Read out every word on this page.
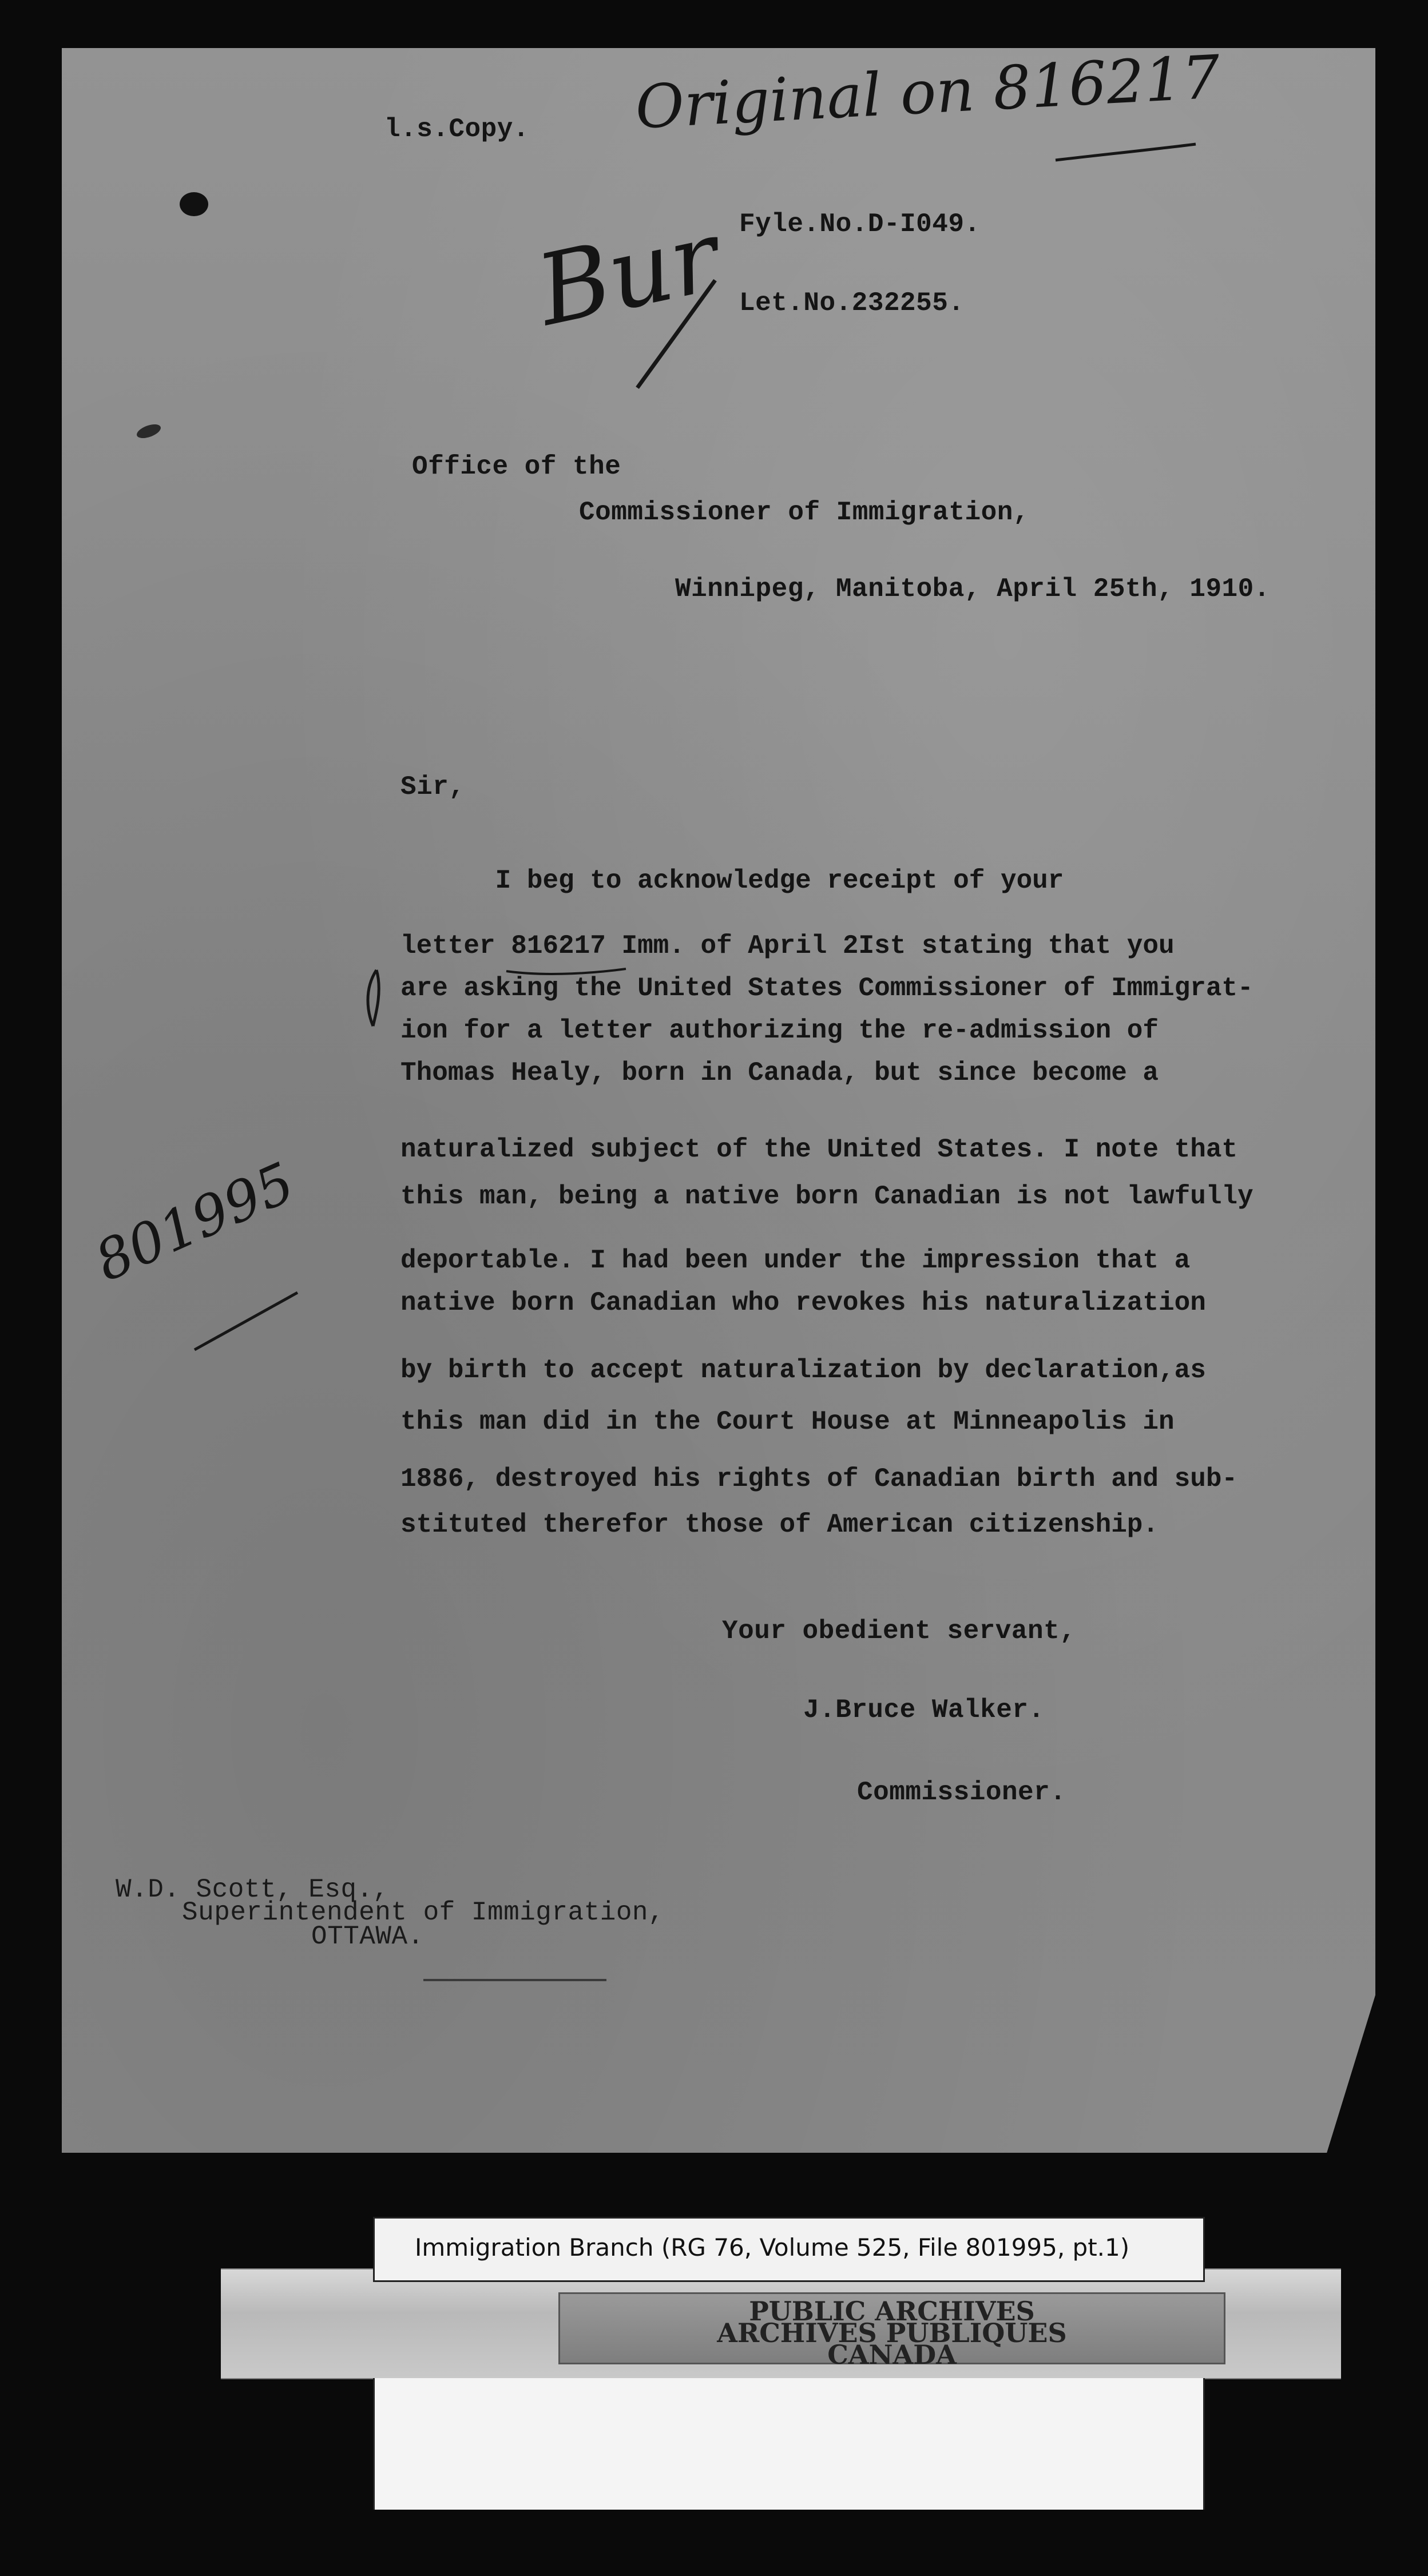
l.s.Copy. Original on 816217
Bur Fyle.No.D-I049.

Let.No.232255.

Office of the

Commissioner of Immigration,

Winnipeg, Manitoba, April 25th, 1910.

Sir,

I beg to acknowledge receipt of your

letter 816217 Imm. of April 2Ist stating that you

are asking the United States Commissioner of Immigrat-

ion for a letter authorizing the re-admission of

Thomas Healy, born in Canada, but since become a

naturalized subject of the United States. I note that

this man, being a native born Canadian is not lawfully

deportable. I had been under the impression that a

native born Canadian who revokes his naturalization

by birth to accept naturalization by declaration,as

this man did in the Court House at Minneapolis in

1886, destroyed his rights of Canadian birth and sub-

stituted therefor those of American citizenship.

801995

Your obedient servant,

J.Bruce Walker.

Commissioner.

W.D. Scott, Esq.,

Superintendent of Immigration,

OTTAWA.

PUBLIC ARCHIVES

ARCHIVES PUBLIQUES

CANADA

Immigration Branch (RG 76, Volume 525, File 801995, pt.1)
